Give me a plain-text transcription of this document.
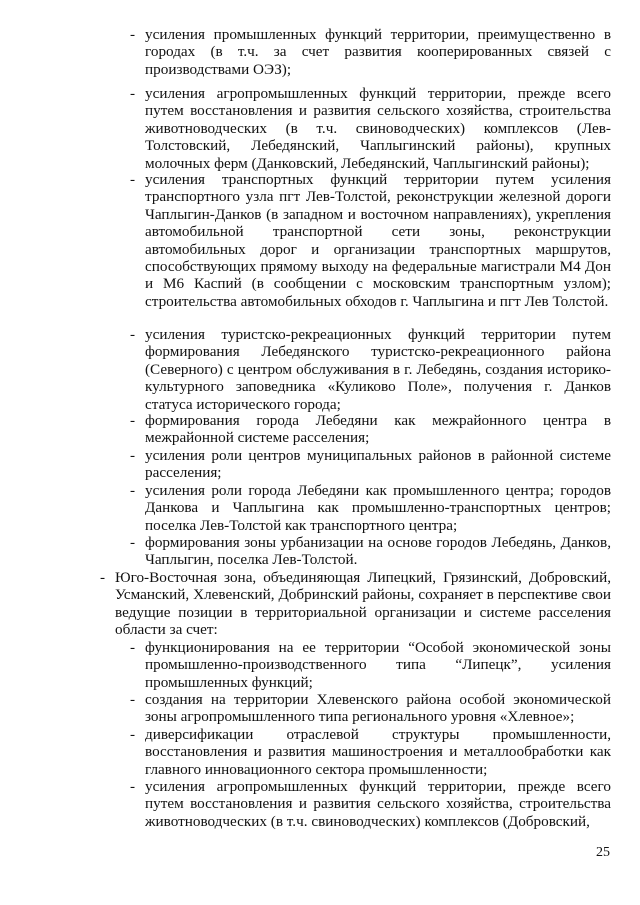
- усиления промышленных функций территории, преимущественно в городах (в т.ч. за счет развития кооперированных связей с производствами ОЭЗ);
- усиления агропромышленных функций территории, прежде всего путем восстановления и развития сельского хозяйства, строительства животноводческих (в т.ч. свиноводческих) комплексов (Лев-Толстовский, Лебедянский, Чаплыгинский районы), крупных молочных ферм (Данковский, Лебедянский, Чаплыгинский районы);
- усиления транспортных функций территории путем усиления транспортного узла пгт Лев-Толстой, реконструкции железной дороги Чаплыгин-Данков (в западном и восточном направлениях), укрепления автомобильной транспортной сети зоны, реконструкции автомобильных дорог и организации транспортных маршрутов, способствующих прямому выходу на федеральные магистрали М4 Дон и М6 Каспий (в сообщении с московским транспортным узлом); строительства автомобильных обходов г. Чаплыгина и пгт Лев Толстой.
- усиления туристско-рекреационных функций территории путем формирования Лебедянского туристско-рекреационного района (Северного) с центром обслуживания в г. Лебедянь, создания историко-культурного заповедника «Куликово Поле», получения г. Данков статуса исторического города;
- формирования города Лебедяни как межрайонного центра в межрайонной системе расселения;
- усиления роли центров муниципальных районов в районной системе расселения;
- усиления роли города Лебедяни как промышленного центра; городов Данкова и Чаплыгина как промышленно-транспортных центров; поселка Лев-Толстой как транспортного центра;
- формирования зоны урбанизации на основе городов Лебедянь, Данков, Чаплыгин, поселка Лев-Толстой.
- Юго-Восточная зона, объединяющая Липецкий, Грязинский, Добровский, Усманский, Хлевенский, Добринский районы, сохраняет в перспективе свои ведущие позиции в территориальной организации и системе расселения области за счет:
- функционирования на ее территории “Особой экономической зоны промышленно-производственного типа “Липецк”, усиления промышленных функций;
- создания на территории Хлевенского района особой экономической зоны агропромышленного типа регионального уровня «Хлевное»;
- диверсификации отраслевой структуры промышленности, восстановления и развития машиностроения и металлообработки как главного инновационного сектора промышленности;
- усиления агропромышленных функций территории, прежде всего путем восстановления и развития сельского хозяйства, строительства животноводческих (в т.ч. свиноводческих) комплексов (Добровский,
25
